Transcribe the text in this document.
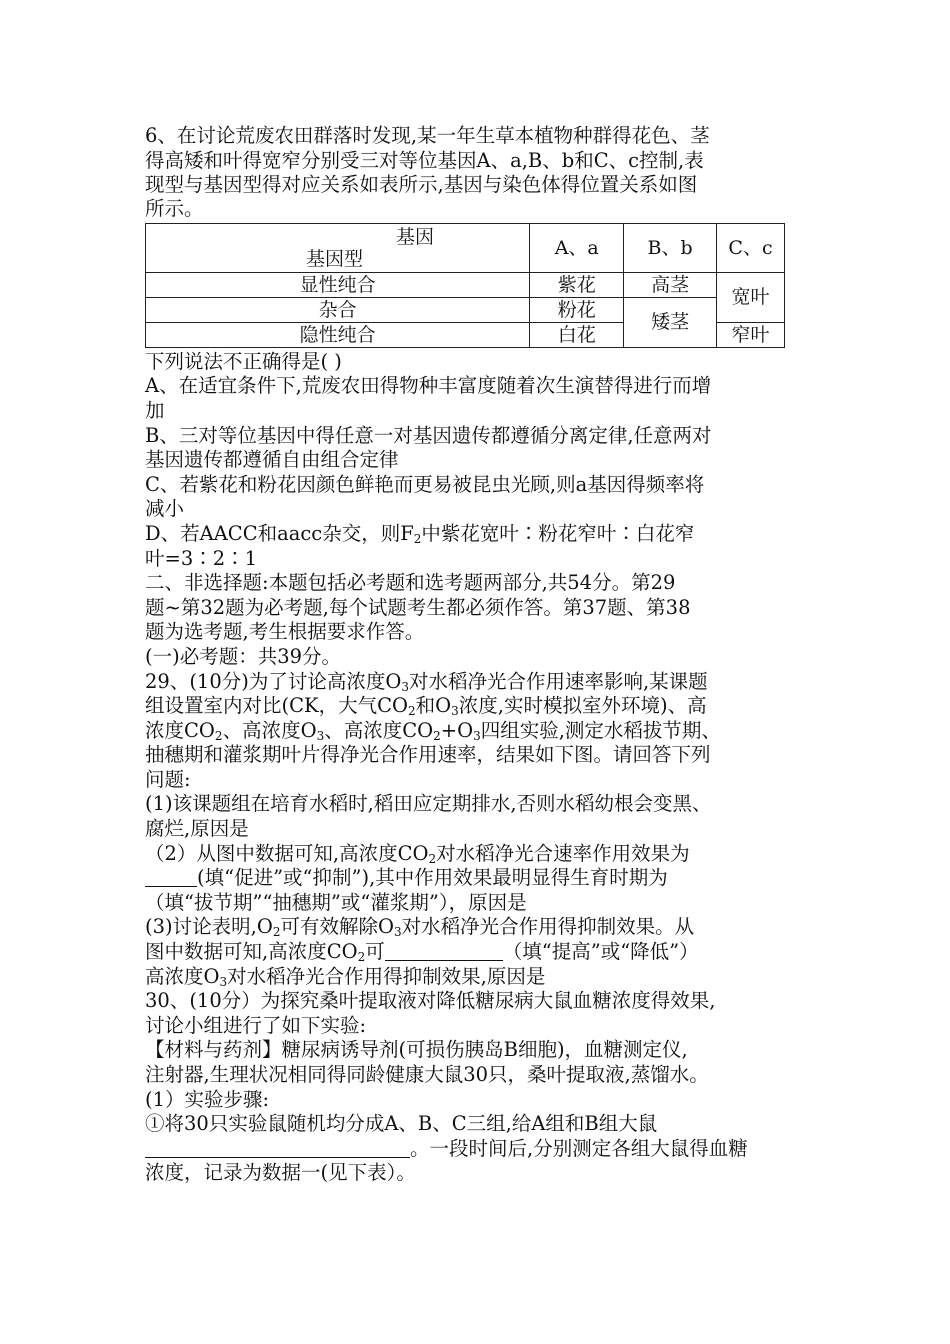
6、在讨论荒废农田群落时发现,某一年生草本植物种群得花色、茎
得高矮和叶得宽窄分别受三对等位基因A、a,B、b和C、c控制,表
现型与基因型得对应关系如表所示,基因与染色体得位置关系如图
所示。
基因
基因型	A、a	B、b	C、c
显性纯合	紫花	高茎	宽叶
杂合	粉花	矮茎	
隐性纯合	白花		窄叶
下列说法不正确得是( )
A、在适宜条件下,荒废农田得物种丰富度随着次生演替得进行而增
加
B、三对等位基因中得任意一对基因遗传都遵循分离定律,任意两对
基因遗传都遵循自由组合定律
C、若紫花和粉花因颜色鲜艳而更易被昆虫光顾,则a基因得频率将
减小
D、若AACC和aacc杂交，则$F_2$中紫花宽叶∶粉花窄叶∶白花窄
叶=3∶2∶1
二、非选择题:本题包括必考题和选考题两部分,共54分。第29
题~第32题为必考题,每个试题考生都必须作答。第37题、第38
题为选考题,考生根据要求作答。
(一)必考题：共39分。
29、(10分)为了讨论高浓度$O_3$对水稻净光合作用速率影响,某课题
组设置室内对比(CK，大气$CO_2$和$O_3$浓度,实时模拟室外环境)、高
浓度$CO_2$、高浓度$O_3$、高浓度$CO_2+O_3$四组实验,测定水稻拔节期、
抽穗期和灌浆期叶片得净光合作用速率，结果如下图。请回答下列
问题:
(1)该课题组在培育水稻时,稻田应定期排水,否则水稻幼根会变黑、
腐烂,原因是
（2）从图中数据可知,高浓度$CO_2$对水稻净光合速率作用效果为
(填“促进”或“抑制”),其中作用效果最明显得生育时期为
（填“拔节期”“抽穗期”或“灌浆期”），原因是
(3)讨论表明$,O_2$可有效解除$O_3$对水稻净光合作用得抑制效果。从
图中数据可知,高浓度$CO_2$可	（填“提高”或“降低”）
高浓度$O_3$对水稻净光合作用得抑制效果,原因是
30、(10分）为探究桑叶提取液对降低糖尿病大鼠血糖浓度得效果,
讨论小组进行了如下实验:
【材料与药剂】糖尿病诱导剂(可损伤胰岛B细胞)，血糖测定仪,
注射器,生理状况相同得同龄健康大鼠30只，桑叶提取液,蒸馏水。
(1）实验步骤:
①将30只实验鼠随机均分成A、B、C三组,给A组和B组大鼠
。一段时间后,分别测定各组大鼠得血糖
浓度，记录为数据一(见下表）。
